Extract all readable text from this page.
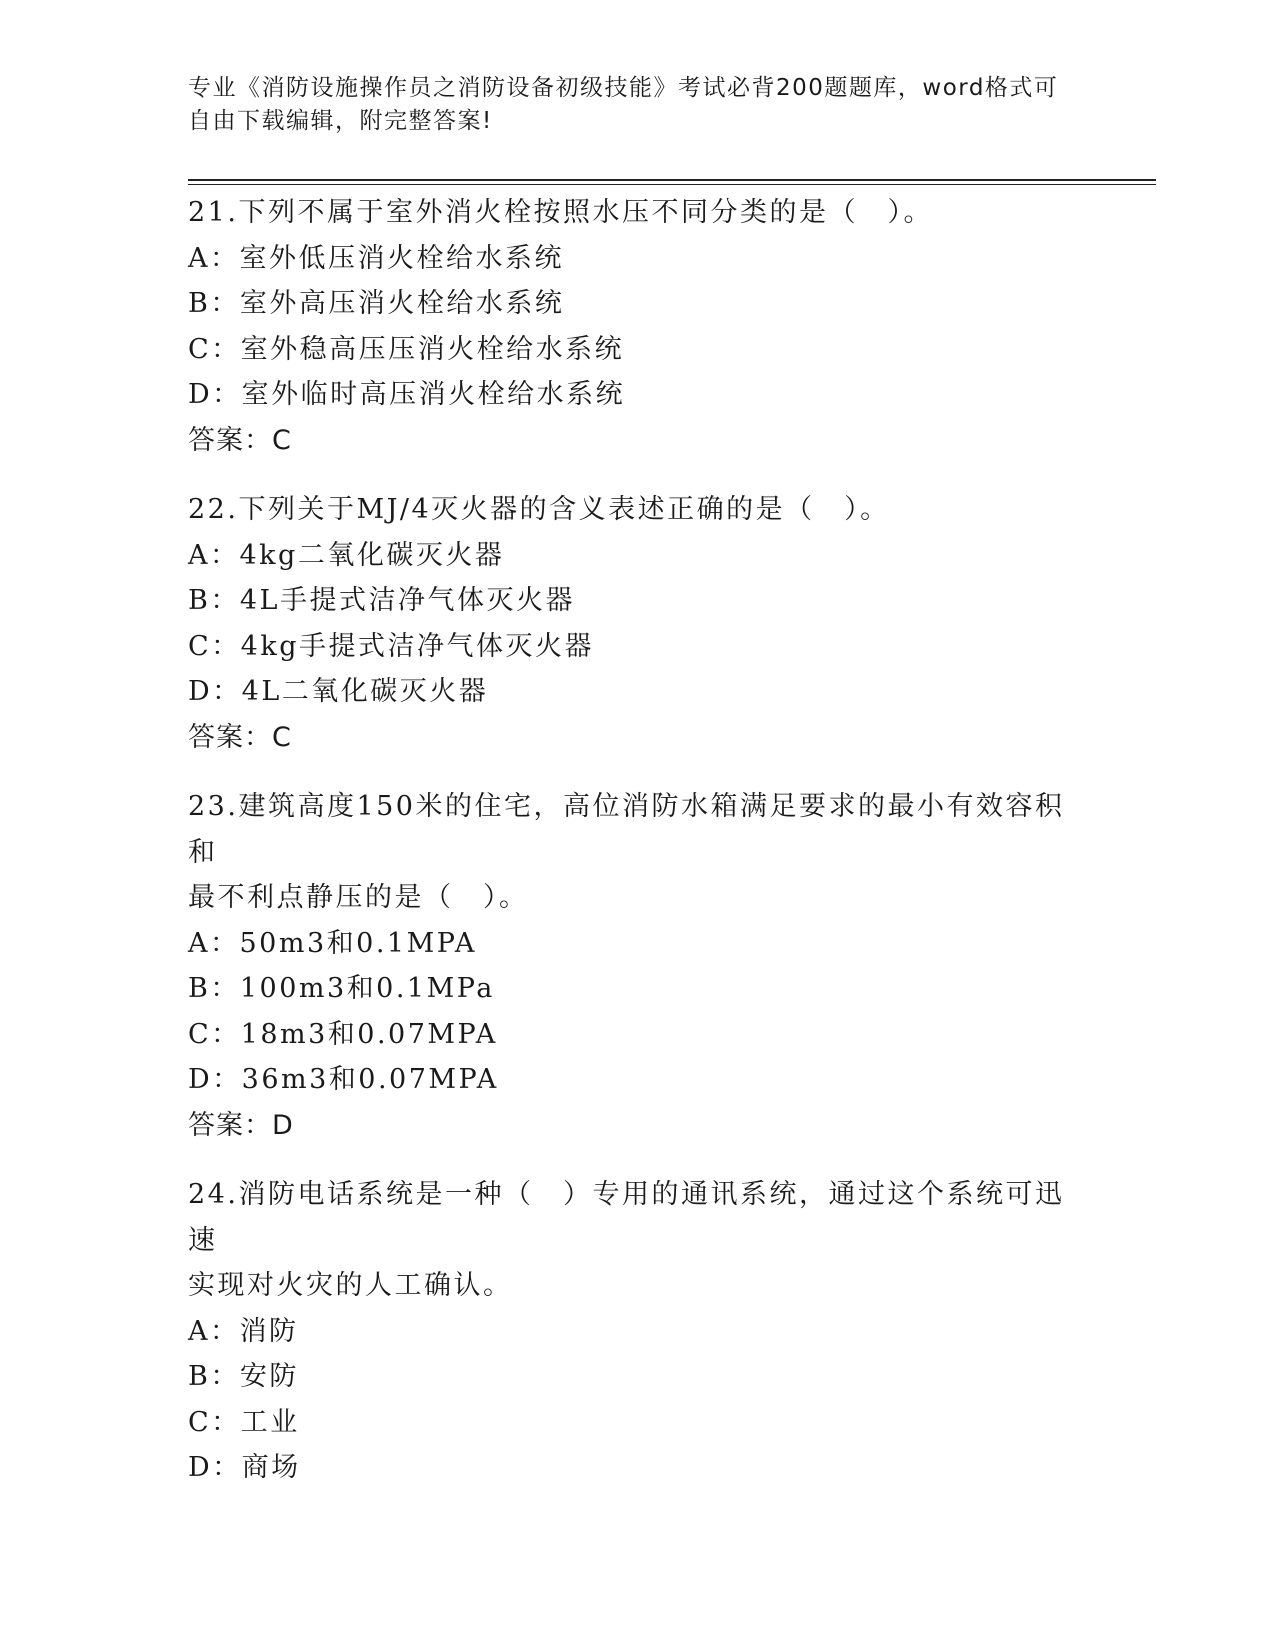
专业《消防设施操作员之消防设备初级技能》考试必背200题题库，word格式可
自由下载编辑，附完整答案!
21.下列不属于室外消火栓按照水压不同分类的是（　）。
A：室外低压消火栓给水系统
B：室外高压消火栓给水系统
C：室外稳高压压消火栓给水系统
D：室外临时高压消火栓给水系统
答案：C
22.下列关于MJ/4灭火器的含义表述正确的是（　）。
A：4kg二氧化碳灭火器
B：4L手提式洁净气体灭火器
C：4kg手提式洁净气体灭火器
D：4L二氧化碳灭火器
答案：C
23.建筑高度150米的住宅，高位消防水箱满足要求的最小有效容积和
最不利点静压的是（　）。
A：50m3和0.1MPA
B：100m3和0.1MPa
C：18m3和0.07MPA
D：36m3和0.07MPA
答案：D
24.消防电话系统是一种（　）专用的通讯系统，通过这个系统可迅速
实现对火灾的人工确认。
A：消防
B：安防
C：工业
D：商场
